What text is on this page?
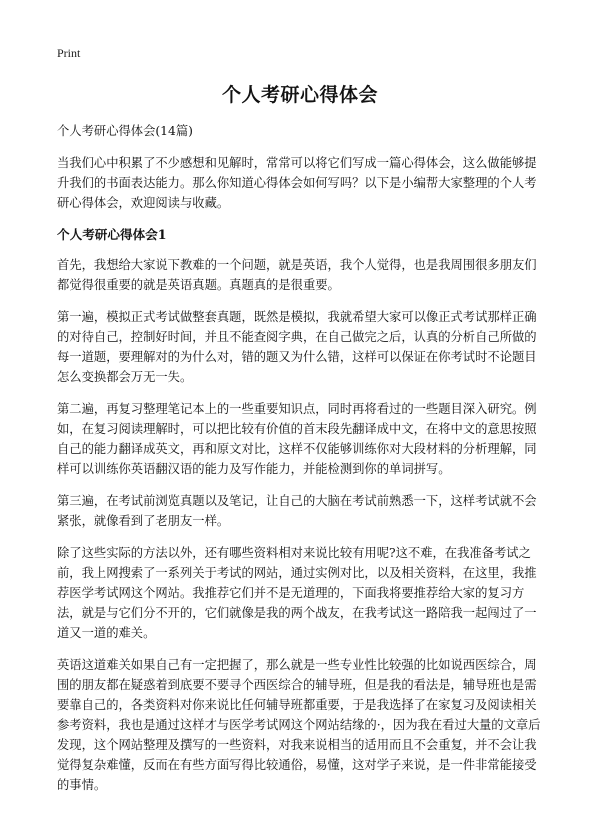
Print
个人考研心得体会

个人考研心得体会(14篇)

当我们心中积累了不少感想和见解时，常常可以将它们写成一篇心得体会，这么做能够提升我们的书面表达能力。那么你知道心得体会如何写吗？以下是小编帮大家整理的个人考研心得体会，欢迎阅读与收藏。

个人考研心得体会1

首先，我想给大家说下教难的一个问题，就是英语，我个人觉得，也是我周围很多朋友们都觉得很重要的就是英语真题。真题真的是很重要。

第一遍，模拟正式考试做整套真题，既然是模拟，我就希望大家可以像正式考试那样正确的对待自己，控制好时间，并且不能查阅字典，在自己做完之后，认真的分析自己所做的每一道题，要理解对的为什么对，错的题又为什么错，这样可以保证在你考试时不论题目怎么变换都会万无一失。

第二遍，再复习整理笔记本上的一些重要知识点，同时再将看过的一些题目深入研究。例如，在复习阅读理解时，可以把比较有价值的首末段先翻译成中文，在将中文的意思按照自己的能力翻译成英文，再和原文对比，这样不仅能够训练你对大段材料的分析理解，同样可以训练你英语翻汉语的能力及写作能力，并能检测到你的单词拼写。

第三遍，在考试前浏览真题以及笔记，让自己的大脑在考试前熟悉一下，这样考试就不会紧张，就像看到了老朋友一样。

除了这些实际的方法以外，还有哪些资料相对来说比较有用呢?这不难，在我准备考试之前，我上网搜索了一系列关于考试的网站，通过实例对比，以及相关资料，在这里，我推荐医学考试网这个网站。我推荐它们并不是无道理的，下面我将要推荐给大家的复习方法，就是与它们分不开的，它们就像是我的两个战友，在我考试这一路陪我一起闯过了一道又一道的难关。

英语这道难关如果自己有一定把握了，那么就是一些专业性比较强的比如说西医综合，周围的朋友都在疑惑着到底要不要寻个西医综合的辅导班，但是我的看法是，辅导班也是需要靠自己的，各类资料对你来说比任何辅导班都重要，于是我选择了在家复习及阅读相关参考资料，我也是通过这样才与医学考试网这个网站结缘的·，因为我在看过大量的文章后发现，这个网站整理及撰写的一些资料，对我来说相当的适用而且不会重复，并不会让我觉得复杂难懂，反而在有些方面写得比较通俗，易懂，这对学子来说，是一件非常能接受的事情。
